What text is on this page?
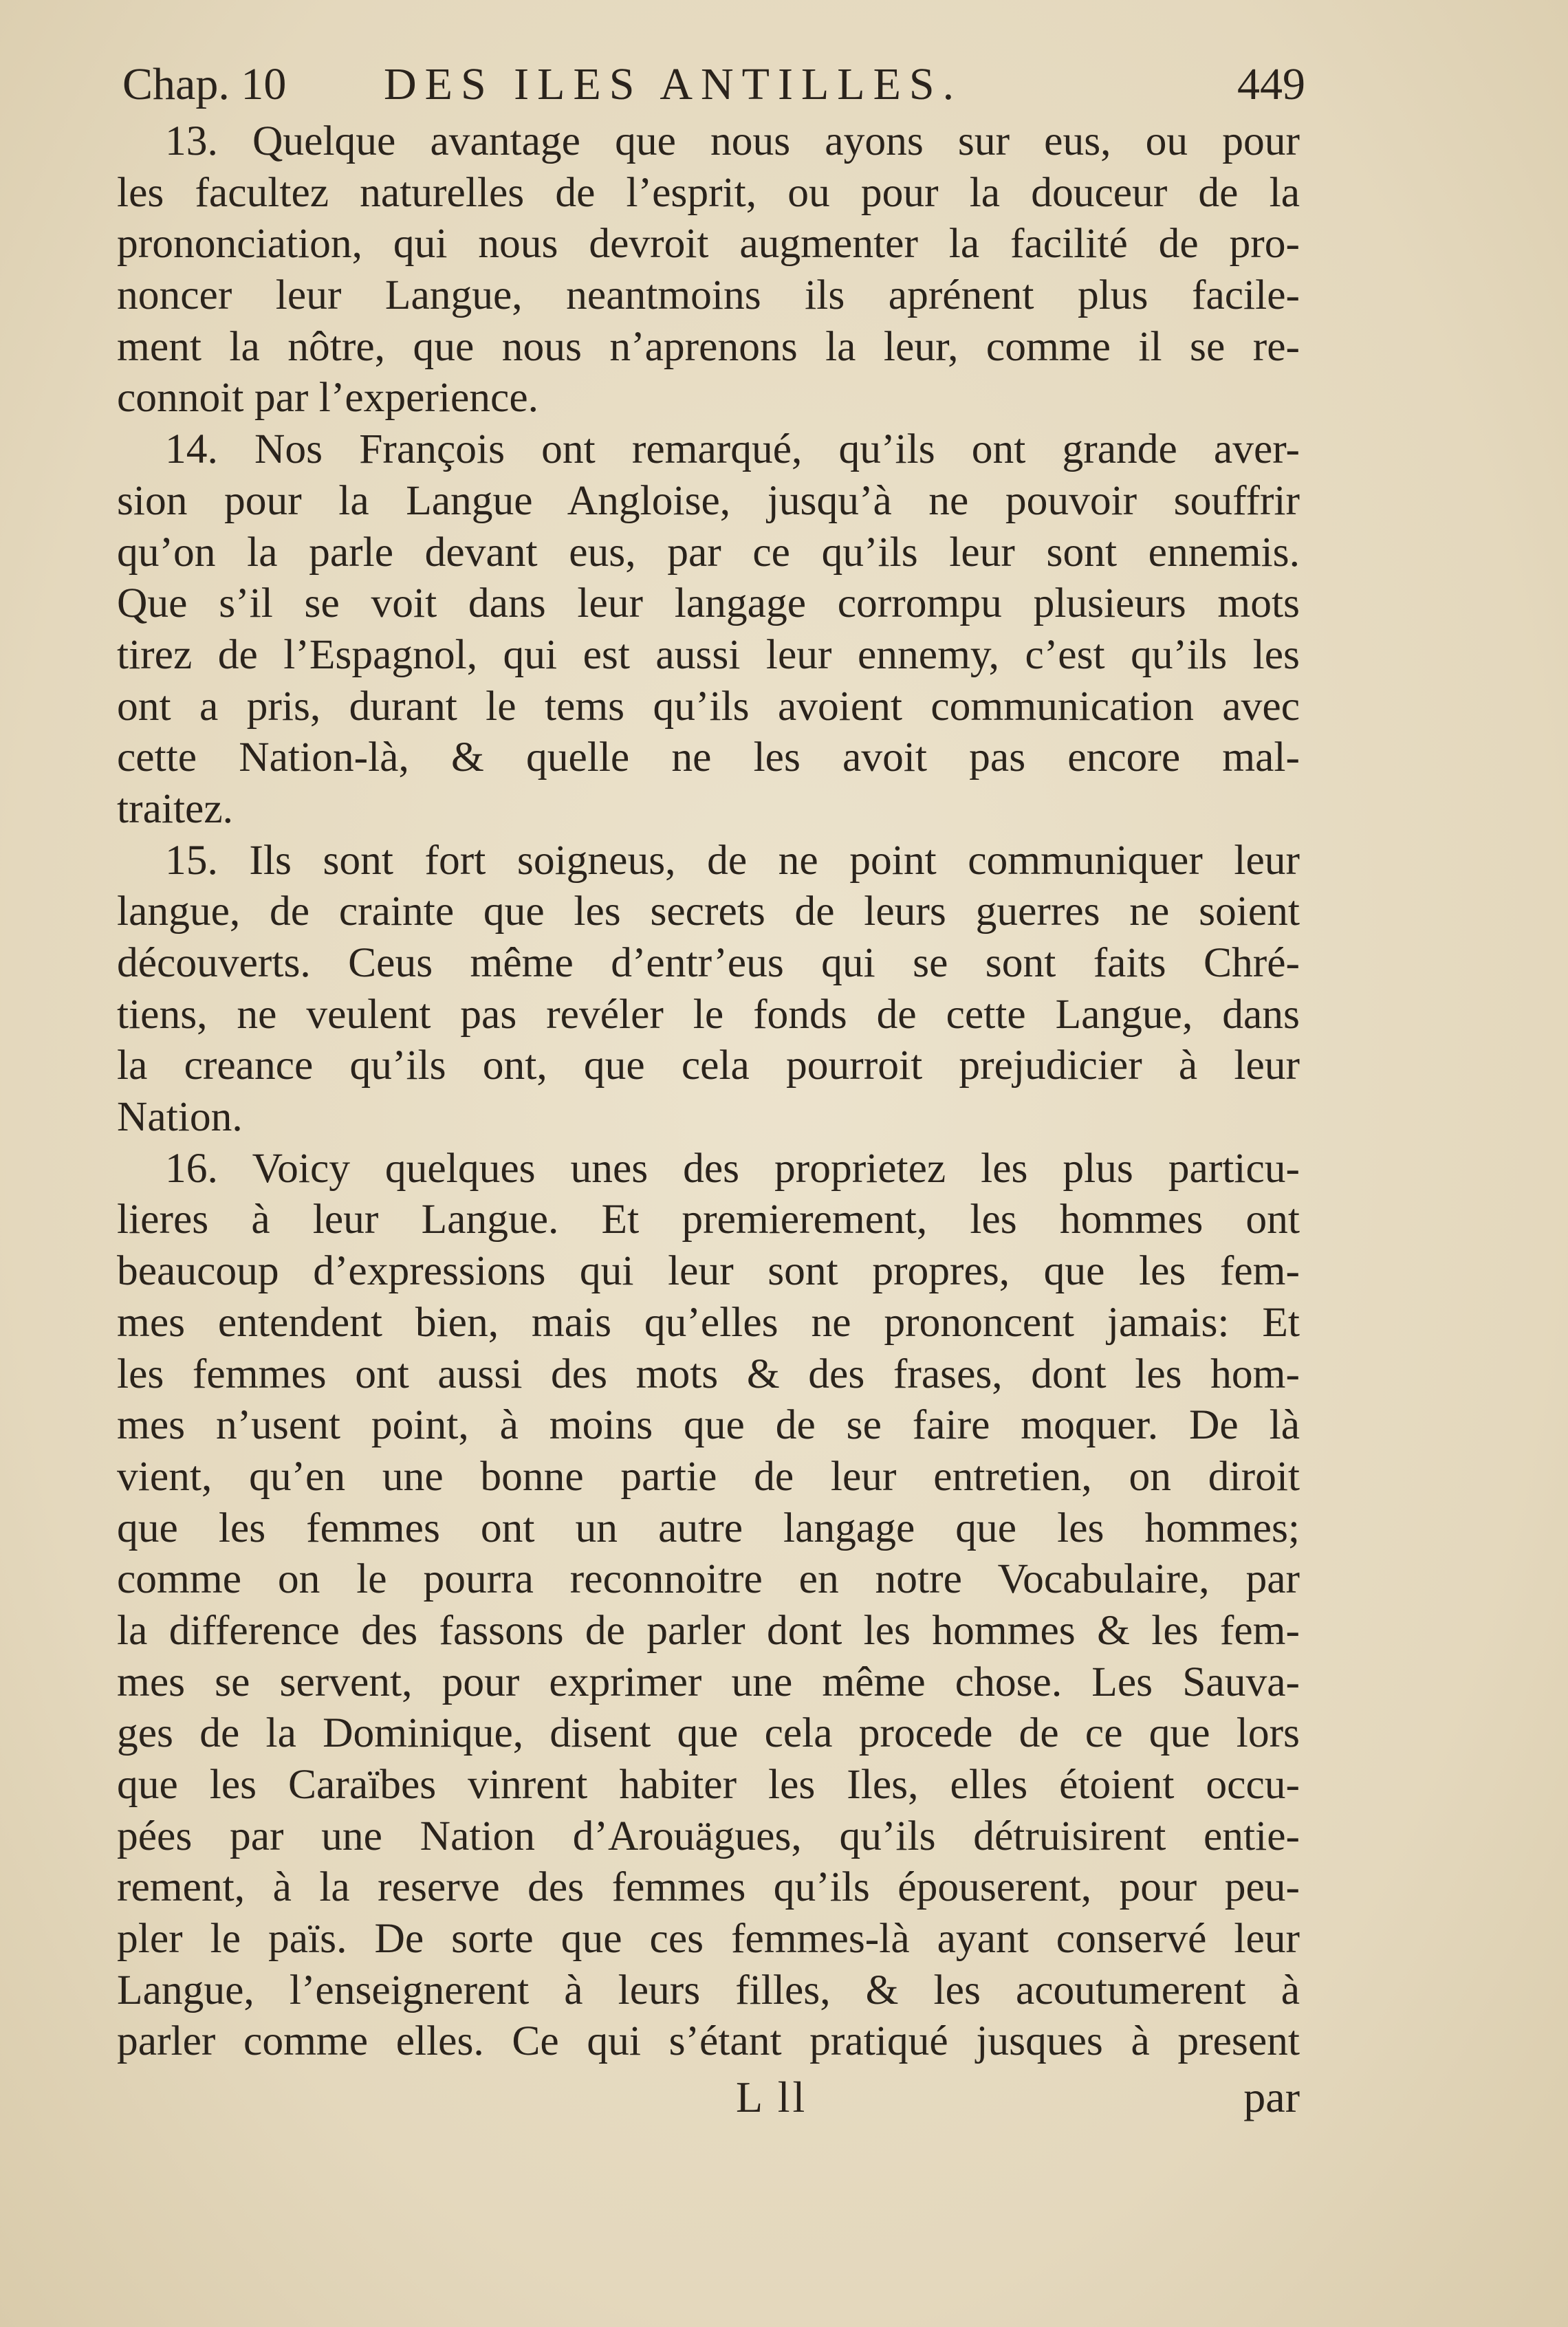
Chap. 10 DES ILES ANTILLES.	449
13. Quelque avantage que nous ayons sur eus, ou pour
les facultez naturelles de l’esprit, ou pour la douceur de la
prononciation, qui nous devroit augmenter la facilité de pro-
noncer leur Langue, neantmoins ils aprénent plus facile-
ment la nôtre, que nous n’aprenons la leur, comme il se re-
connoit par l’experience.
14. Nos François ont remarqué, qu’ils ont grande aver-
sion pour la Langue Angloise, jusqu’à ne pouvoir souffrir
qu’on la parle devant eus, par ce qu’ils leur sont ennemis.
Que s’il se voit dans leur langage corrompu plusieurs mots
tirez de l’Espagnol, qui est aussi leur ennemy, c’est qu’ils les
ont a pris, durant le tems qu’ils avoient communication avec
cette Nation-là, & quelle ne les avoit pas encore mal-
traitez.
15. Ils sont fort soigneus, de ne point communiquer leur
langue, de crainte que les secrets de leurs guerres ne soient
découverts. Ceus même d’entr’eus qui se sont faits Chré-
tiens, ne veulent pas revéler le fonds de cette Langue, dans
la creance qu’ils ont, que cela pourroit prejudicier à leur
Nation.
16. Voicy quelques unes des proprietez les plus particu-
lieres à leur Langue. Et premierement, les hommes ont
beaucoup d’expressions qui leur sont propres, que les fem-
mes entendent bien, mais qu’elles ne prononcent jamais: Et
les femmes ont aussi des mots & des frases, dont les hom-
mes n’usent point, à moins que de se faire moquer. De là
vient, qu’en une bonne partie de leur entretien, on diroit
que les femmes ont un autre langage que les hommes;
comme on le pourra reconnoitre en notre Vocabulaire, par
la difference des fassons de parler dont les hommes & les fem-
mes se servent, pour exprimer une même chose. Les Sauva-
ges de la Dominique, disent que cela procede de ce que lors
que les Caraïbes vinrent habiter les Iles, elles étoient occu-
pées par une Nation d’Arouägues, qu’ils détruisirent entie-
rement, à la reserve des femmes qu’ils épouserent, pour peu-
pler le païs. De sorte que ces femmes-là ayant conservé leur
Langue, l’enseignerent à leurs filles, & les acoutumerent à
parler comme elles. Ce qui s’étant pratiqué jusques à present
L ll	par
